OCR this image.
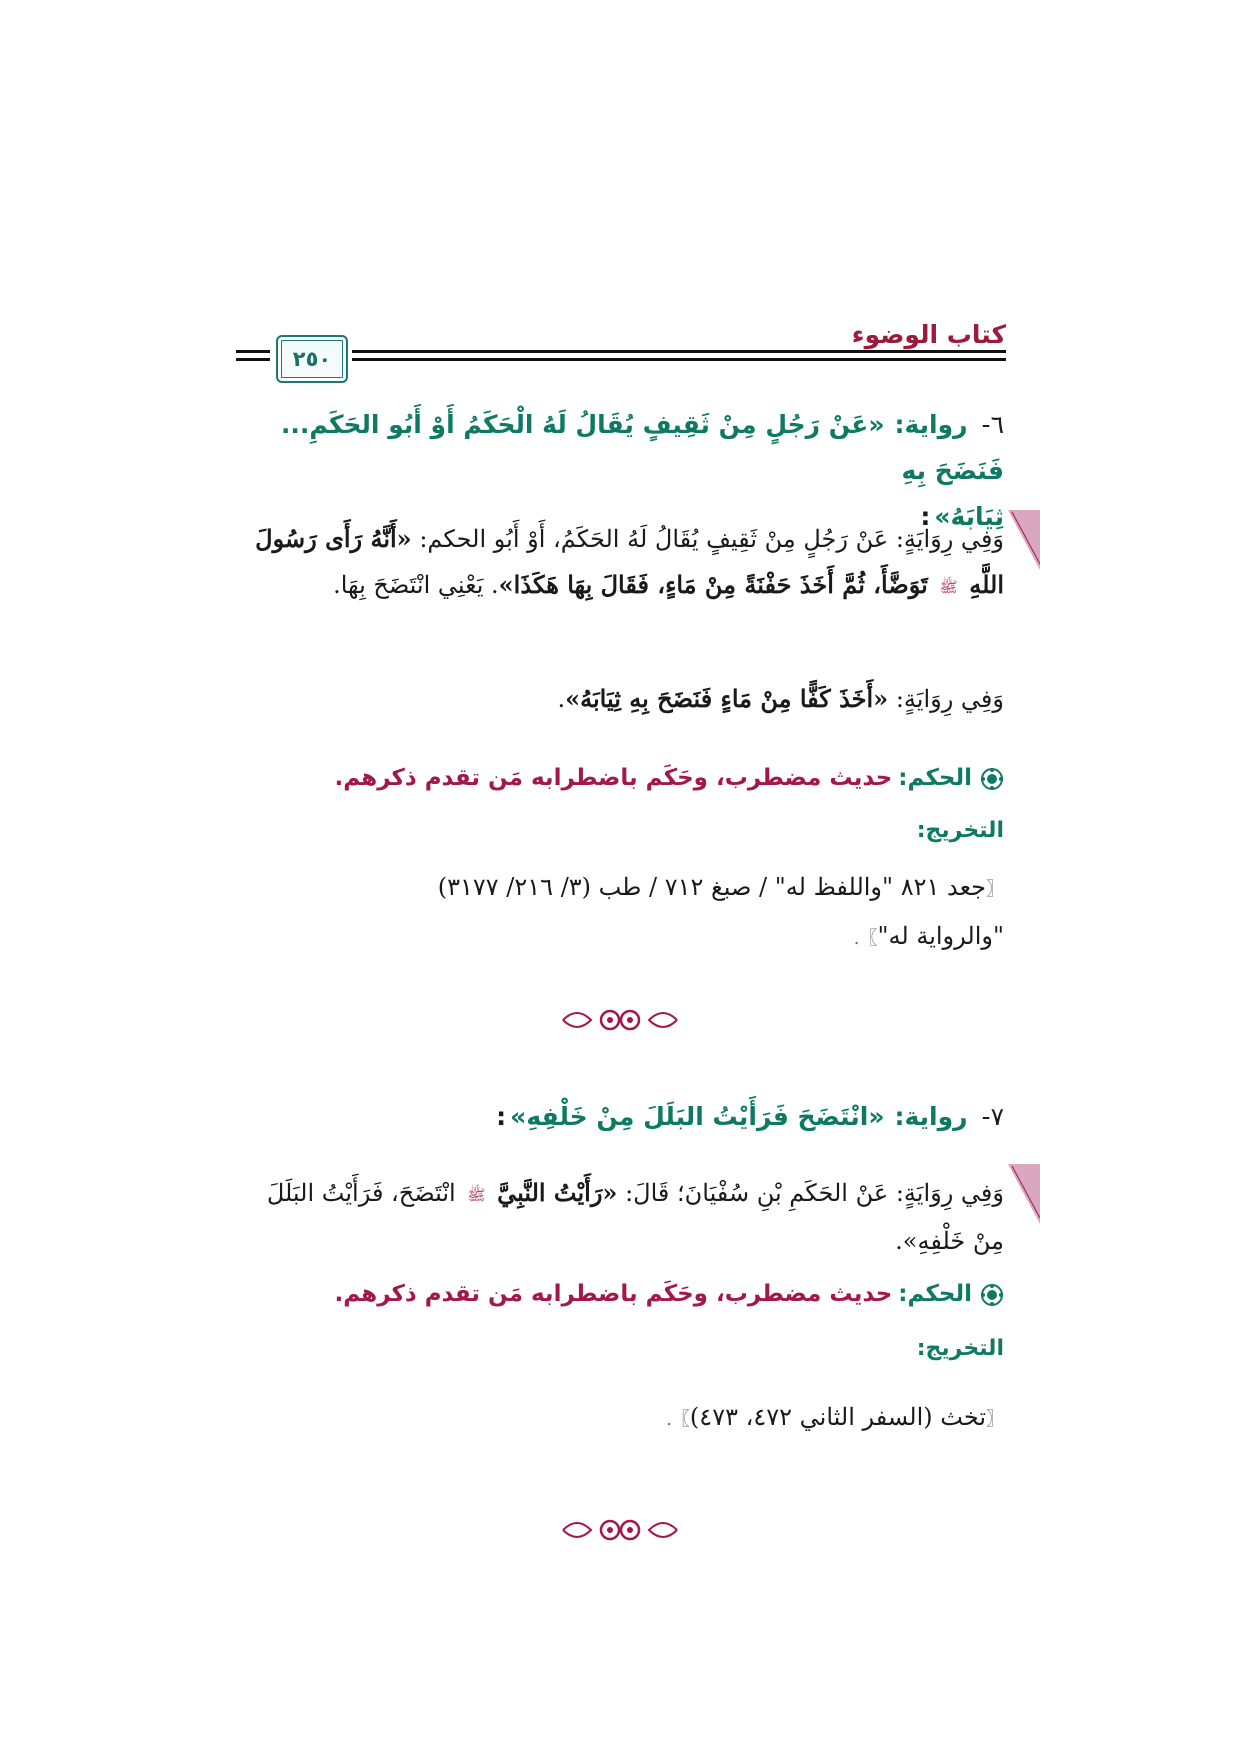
كتاب الوضوء
٢٥٠
٦-رواية:«عَنْ رَجُلٍ مِنْ ثَقِيفٍ يُقَالُ لَهُ الْحَكَمُ أَوْ أَبُو الحَكَمِ... فَنَضَحَ بِهِ
ثِيَابَهُ»:
وَفِي رِوَايَةٍ: عَنْ رَجُلٍ مِنْ ثَقِيفٍ يُقَالُ لَهُ الحَكَمُ، أَوْ أَبُو الحكم: «أَنَّهُ رَأَى رَسُولَ اللَّهِ ﷺ تَوَضَّأَ، ثُمَّ أَخَذَ حَفْنَةً مِنْ مَاءٍ، فَقَالَ بِهَا هَكَذَا». يَعْنِي انْتَضَحَ بِهَا.
وَفِي رِوَايَةٍ: «أَخَذَ كَفًّا مِنْ مَاءٍ فَنَضَحَ بِهِ ثِيَابَهُ».
الحكم:حديث مضطرب، وحَكَم باضطرابه مَن تقدم ذكرهم.
التخريج:
〖جعد ٨٢١ "واللفظ له" / صبغ ٧١٢ / طب (٣/ ٢١٦/ ٣١٧٧)
"والرواية له"〗.
٧-رواية:«انْتَضَحَ فَرَأَيْتُ البَلَلَ مِنْ خَلْفِهِ»:
وَفِي رِوَايَةٍ: عَنْ الحَكَمِ بْنِ سُفْيَانَ؛ قَالَ: «رَأَيْتُ النَّبِيَّ ﷺ انْتَضَحَ، فَرَأَيْتُ البَلَلَ مِنْ خَلْفِهِ».
الحكم:حديث مضطرب، وحَكَم باضطرابه مَن تقدم ذكرهم.
التخريج:
〖تخث (السفر الثاني ٤٧٢، ٤٧٣)〗.
